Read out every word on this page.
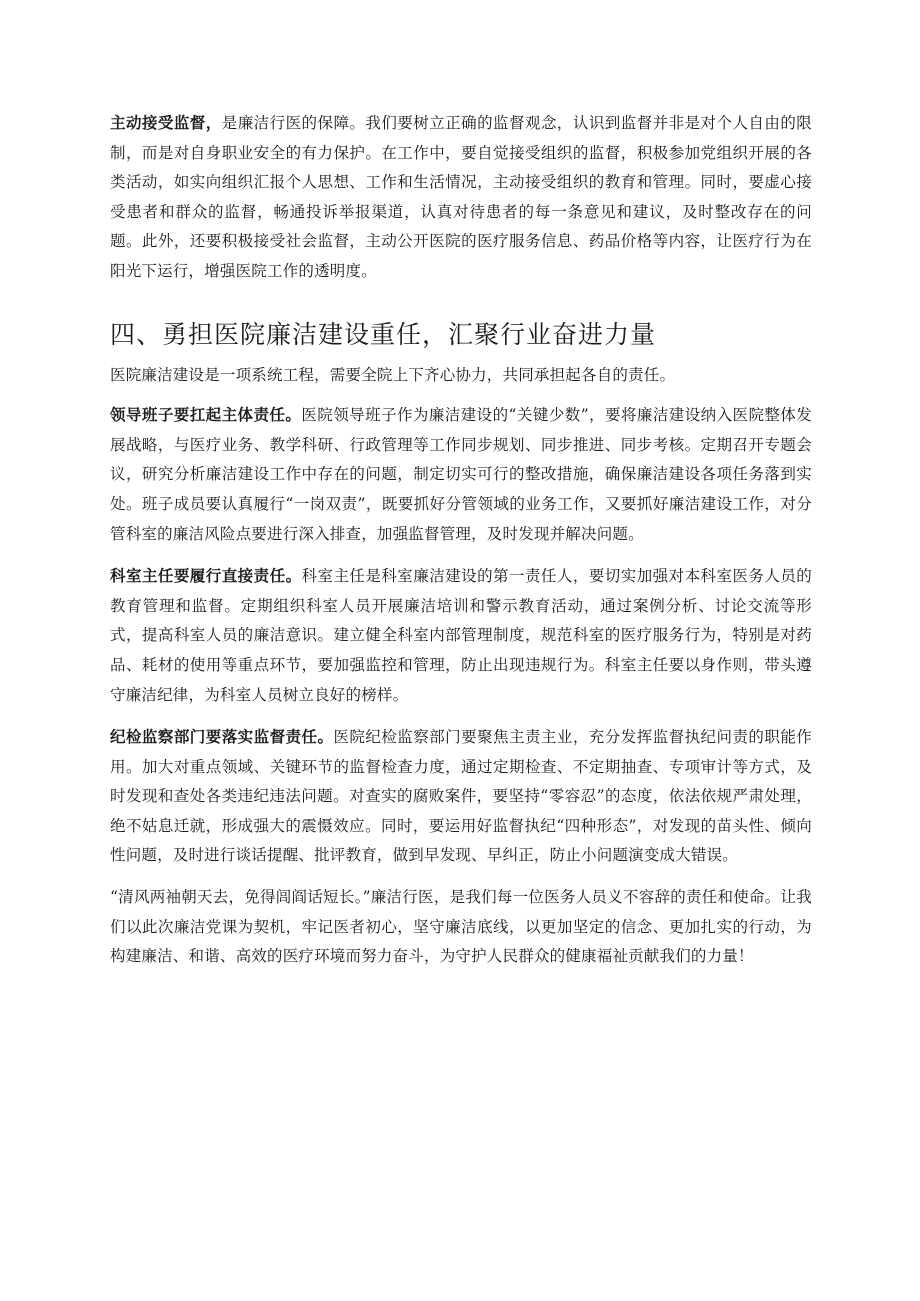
主动接受监督，是廉洁行医的保障。我们要树立正确的监督观念，认识到监督并非是对个人自由的限制，而是对自身职业安全的有力保护。在工作中，要自觉接受组织的监督，积极参加党组织开展的各类活动，如实向组织汇报个人思想、工作和生活情况，主动接受组织的教育和管理。同时，要虚心接受患者和群众的监督，畅通投诉举报渠道，认真对待患者的每一条意见和建议，及时整改存在的问题。此外，还要积极接受社会监督，主动公开医院的医疗服务信息、药品价格等内容，让医疗行为在阳光下运行，增强医院工作的透明度。

四、勇担医院廉洁建设重任，汇聚行业奋进力量

医院廉洁建设是一项系统工程，需要全院上下齐心协力，共同承担起各自的责任。

领导班子要扛起主体责任。医院领导班子作为廉洁建设的“关键少数”，要将廉洁建设纳入医院整体发展战略，与医疗业务、教学科研、行政管理等工作同步规划、同步推进、同步考核。定期召开专题会议，研究分析廉洁建设工作中存在的问题，制定切实可行的整改措施，确保廉洁建设各项任务落到实处。班子成员要认真履行“一岗双责”，既要抓好分管领域的业务工作，又要抓好廉洁建设工作，对分管科室的廉洁风险点要进行深入排查，加强监督管理，及时发现并解决问题。

科室主任要履行直接责任。科室主任是科室廉洁建设的第一责任人，要切实加强对本科室医务人员的教育管理和监督。定期组织科室人员开展廉洁培训和警示教育活动，通过案例分析、讨论交流等形式，提高科室人员的廉洁意识。建立健全科室内部管理制度，规范科室的医疗服务行为，特别是对药品、耗材的使用等重点环节，要加强监控和管理，防止出现违规行为。科室主任要以身作则，带头遵守廉洁纪律，为科室人员树立良好的榜样。

纪检监察部门要落实监督责任。医院纪检监察部门要聚焦主责主业，充分发挥监督执纪问责的职能作用。加大对重点领域、关键环节的监督检查力度，通过定期检查、不定期抽查、专项审计等方式，及时发现和查处各类违纪违法问题。对查实的腐败案件，要坚持“零容忍”的态度，依法依规严肃处理，绝不姑息迁就，形成强大的震慑效应。同时，要运用好监督执纪“四种形态”，对发现的苗头性、倾向性问题，及时进行谈话提醒、批评教育，做到早发现、早纠正，防止小问题演变成大错误。

“清风两袖朝天去，免得闾阎话短长。”廉洁行医，是我们每一位医务人员义不容辞的责任和使命。让我们以此次廉洁党课为契机，牢记医者初心，坚守廉洁底线，以更加坚定的信念、更加扎实的行动，为构建廉洁、和谐、高效的医疗环境而努力奋斗，为守护人民群众的健康福祉贡献我们的力量！
